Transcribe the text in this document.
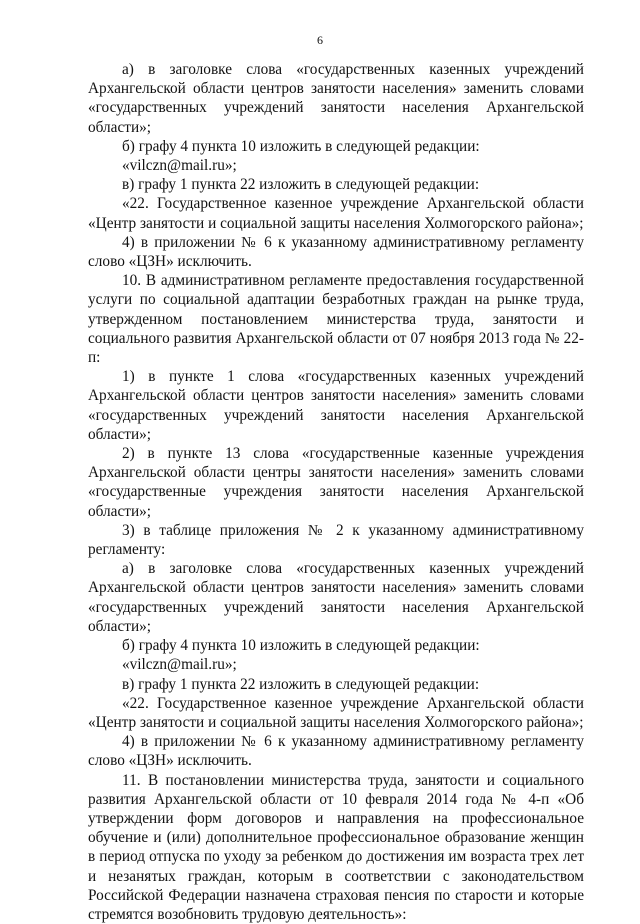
6

а) в заголовке слова «государственных казенных учреждений Архангельской области центров занятости населения» заменить словами «государственных учреждений занятости населения Архангельской области»;

б) графу 4 пункта 10 изложить в следующей редакции:

«vilczn@mail.ru»;

в) графу 1 пункта 22 изложить в следующей редакции:

«22. Государственное казенное учреждение Архангельской области «Центр занятости и социальной защиты населения Холмогорского района»;

4) в приложении № 6 к указанному административному регламенту слово «ЦЗН» исключить.

10. В административном регламенте предоставления государственной услуги по социальной адаптации безработных граждан на рынке труда, утвержденном постановлением министерства труда, занятости и социального развития Архангельской области от 07 ноября 2013 года № 22-п:

1) в пункте 1 слова «государственных казенных учреждений Архангельской области центров занятости населения» заменить словами «государственных учреждений занятости населения Архангельской области»;

2) в пункте 13 слова «государственные казенные учреждения Архангельской области центры занятости населения» заменить словами «государственные учреждения занятости населения Архангельской области»;

3) в таблице приложения № 2 к указанному административному регламенту:

а) в заголовке слова «государственных казенных учреждений Архангельской области центров занятости населения» заменить словами «государственных учреждений занятости населения Архангельской области»;

б) графу 4 пункта 10 изложить в следующей редакции:

«vilczn@mail.ru»;

в) графу 1 пункта 22 изложить в следующей редакции:

«22. Государственное казенное учреждение Архангельской области «Центр занятости и социальной защиты населения Холмогорского района»;

4) в приложении № 6 к указанному административному регламенту слово «ЦЗН» исключить.

11. В постановлении министерства труда, занятости и социального развития Архангельской области от 10 февраля 2014 года № 4-п «Об утверждении форм договоров и направления на профессиональное обучение и (или) дополнительное профессиональное образование женщин в период отпуска по уходу за ребенком до достижения им возраста трех лет и незанятых граждан, которым в соответствии с законодательством Российской Федерации назначена страховая пенсия по старости и которые стремятся возобновить трудовую деятельность»:
